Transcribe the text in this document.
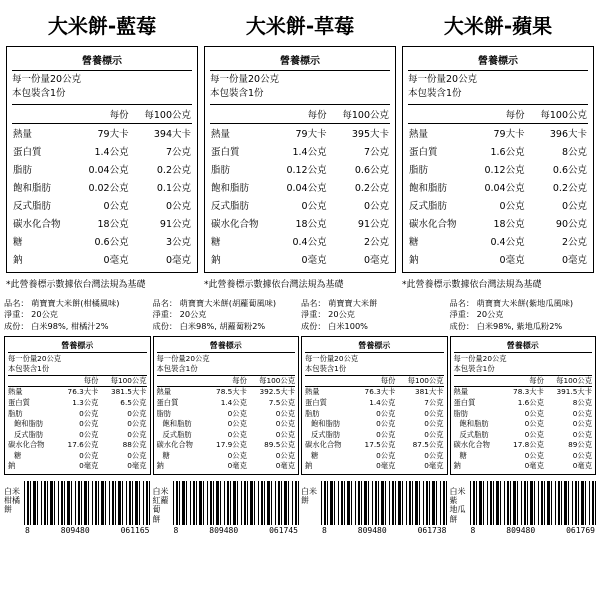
大米餅-藍莓
營養標示
每一份量20公克
本包裝含1份
	每份	每100公克
熱量	79大卡	394大卡
蛋白質	1.4公克	7公克
脂肪	0.04公克	0.2公克
飽和脂肪	0.02公克	0.1公克
反式脂肪	0公克	0公克
碳水化合物	18公克	91公克
糖	0.6公克	3公克
鈉	0毫克	0毫克
*此營養標示數據依台灣法規為基礎
大米餅-草莓
營養標示
每一份量20公克
本包裝含1份
	每份	每100公克
熱量	79大卡	395大卡
蛋白質	1.4公克	7公克
脂肪	0.12公克	0.6公克
飽和脂肪	0.04公克	0.2公克
反式脂肪	0公克	0公克
碳水化合物	18公克	91公克
糖	0.4公克	2公克
鈉	0毫克	0毫克
*此營養標示數據依台灣法規為基礎
大米餅-蘋果
營養標示
每一份量20公克
本包裝含1份
	每份	每100公克
熱量	79大卡	396大卡
蛋白質	1.6公克	8公克
脂肪	0.12公克	0.6公克
飽和脂肪	0.04公克	0.2公克
反式脂肪	0公克	0公克
碳水化合物	18公克	90公克
糖	0.4公克	2公克
鈉	0毫克	0毫克
*此營養標示數據依台灣法規為基礎
品名： 萌寶寶大米餅(柑橘風味)
淨重： 20公克
成份： 白米98%, 柑橘汁2%
營養標示
每一份量20公克
本包裝含1份
	每份	每100公克
熱量	76.3大卡	381.5大卡
蛋白質	1.3公克	6.5公克
脂肪	0公克	0公克
飽和脂肪	0公克	0公克
反式脂肪	0公克	0公克
碳水化合物	17.6公克	88公克
糖	0公克	0公克
鈉	0毫克	0毫克
白米
柑橘
餅
8	809480	061165
品名： 萌寶寶大米餅(胡蘿蔔風味)
淨重： 20公克
成份： 白米98%, 胡蘿蔔粉2%
營養標示
每一份量20公克
本包裝含1份
	每份	每100公克
熱量	78.5大卡	392.5大卡
蛋白質	1.4公克	7.5公克
脂肪	0公克	0公克
飽和脂肪	0公克	0公克
反式脂肪	0公克	0公克
碳水化合物	17.9公克	89.5公克
糖	0公克	0公克
鈉	0毫克	0毫克
白米
紅蘿蔔
餅
8	809480	061745
品名： 萌寶寶大米餅
淨重： 20公克
成份： 白米100%
營養標示
每一份量20公克
本包裝含1份
	每份	每100公克
熱量	76.3大卡	381大卡
蛋白質	1.4公克	7公克
脂肪	0公克	0公克
飽和脂肪	0公克	0公克
反式脂肪	0公克	0公克
碳水化合物	17.5公克	87.5公克
糖	0公克	0公克
鈉	0毫克	0毫克
白米
餅
8	809480	061738
品名： 萌寶寶大米餅(紫地瓜風味)
淨重： 20公克
成份： 白米98%, 紫地瓜粉2%
營養標示
每一份量20公克
本包裝含1份
	每份	每100公克
熱量	78.3大卡	391.5大卡
蛋白質	1.6公克	8公克
脂肪	0公克	0公克
飽和脂肪	0公克	0公克
反式脂肪	0公克	0公克
碳水化合物	17.8公克	89公克
糖	0公克	0公克
鈉	0毫克	0毫克
白米紫
地瓜
餅
8	809480	061769
